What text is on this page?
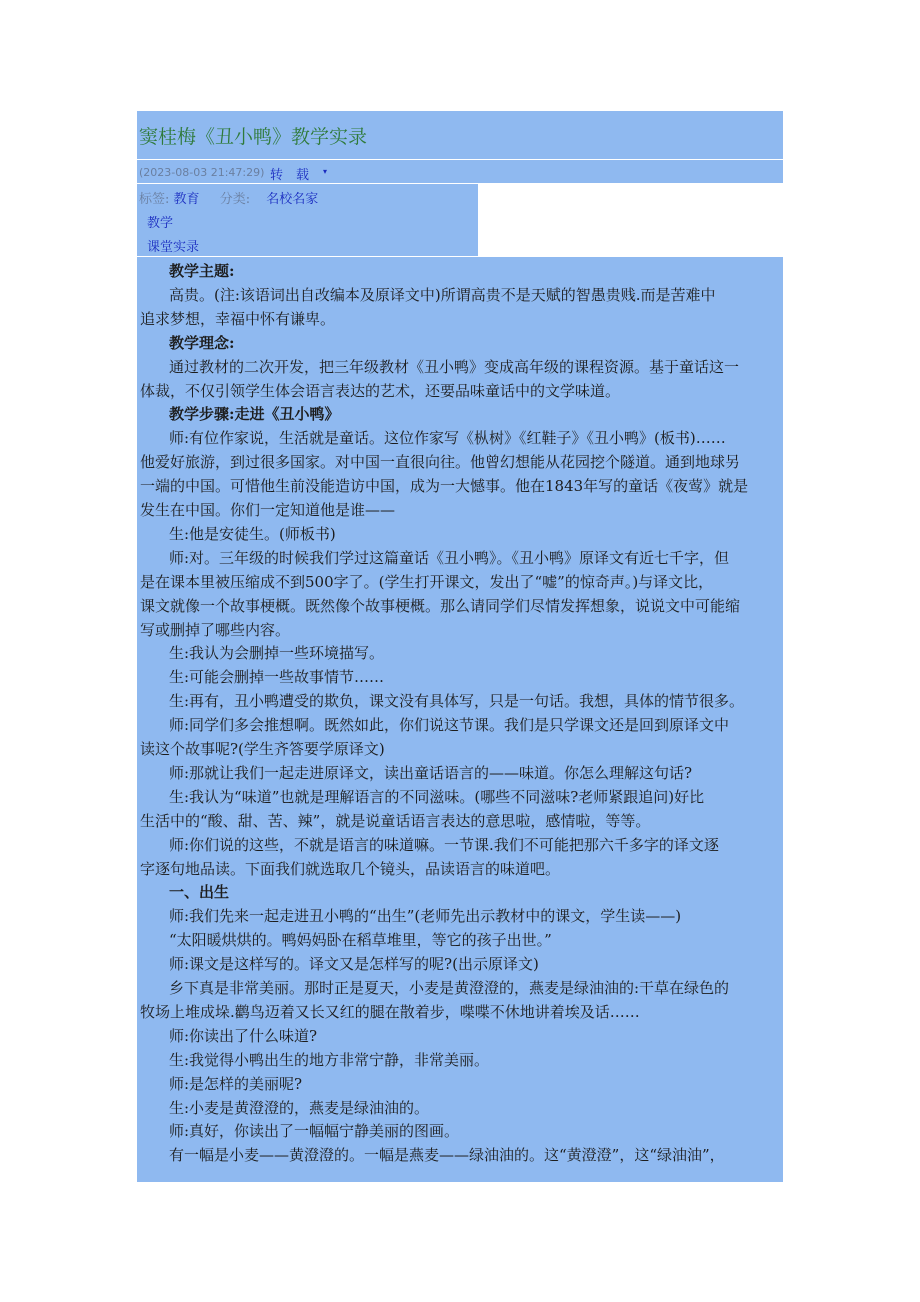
窦桂梅《丑小鸭》教学实录
(2023-08-03 21:47:29) 转　载 ▾
标签: 教育 分类: 名校名家
教学
课堂实录
教学主题:
高贵。(注:该语词出自改编本及原译文中)所谓高贵不是天赋的智愚贵贱.而是苦难中
追求梦想，幸福中怀有谦卑。
教学理念:
通过教材的二次开发，把三年级教材《丑小鸭》变成高年级的课程资源。基于童话这一
体裁，不仅引领学生体会语言表达的艺术，还要品味童话中的文学味道。
教学步骤:走进《丑小鸭》
师:有位作家说，生活就是童话。这位作家写《枞树》《红鞋子》《丑小鸭》(板书)……
他爱好旅游，到过很多国家。对中国一直很向往。他曾幻想能从花园挖个隧道。通到地球另
一端的中国。可惜他生前没能造访中国，成为一大憾事。他在1843年写的童话《夜莺》就是
发生在中国。你们一定知道他是谁——
生:他是安徒生。(师板书)
师:对。三年级的时候我们学过这篇童话《丑小鸭》。《丑小鸭》原译文有近七千字，但
是在课本里被压缩成不到500字了。(学生打开课文，发出了“嘘”的惊奇声。)与译文比，
课文就像一个故事梗概。既然像个故事梗概。那么请同学们尽情发挥想象，说说文中可能缩
写或删掉了哪些内容。
生:我认为会删掉一些环境描写。
生:可能会删掉一些故事情节……
生:再有，丑小鸭遭受的欺负，课文没有具体写，只是一句话。我想，具体的情节很多。
师:同学们多会推想啊。既然如此，你们说这节课。我们是只学课文还是回到原译文中
读这个故事呢?(学生齐答要学原译文)
师:那就让我们一起走进原译文，读出童话语言的——味道。你怎么理解这句话?
生:我认为“味道”也就是理解语言的不同滋味。(哪些不同滋味?老师紧跟追问)好比
生活中的“酸、甜、苦、辣”，就是说童话语言表达的意思啦，感情啦，等等。
师:你们说的这些，不就是语言的味道嘛。一节课.我们不可能把那六千多字的译文逐
字逐句地品读。下面我们就选取几个镜头，品读语言的味道吧。
一、出生
师:我们先来一起走进丑小鸭的“出生”(老师先出示教材中的课文，学生读——)
“太阳暖烘烘的。鸭妈妈卧在稻草堆里，等它的孩子出世。”
师:课文是这样写的。译文又是怎样写的呢?(出示原译文)
乡下真是非常美丽。那时正是夏天，小麦是黄澄澄的，燕麦是绿油油的:干草在绿色的
牧场上堆成垛.鹳鸟迈着又长又红的腿在散着步，喋喋不休地讲着埃及话……
师:你读出了什么味道?
生:我觉得小鸭出生的地方非常宁静，非常美丽。
师:是怎样的美丽呢?
生:小麦是黄澄澄的，燕麦是绿油油的。
师:真好，你读出了一幅幅宁静美丽的图画。
有一幅是小麦——黄澄澄的。一幅是燕麦——绿油油的。这“黄澄澄”，这“绿油油”，
